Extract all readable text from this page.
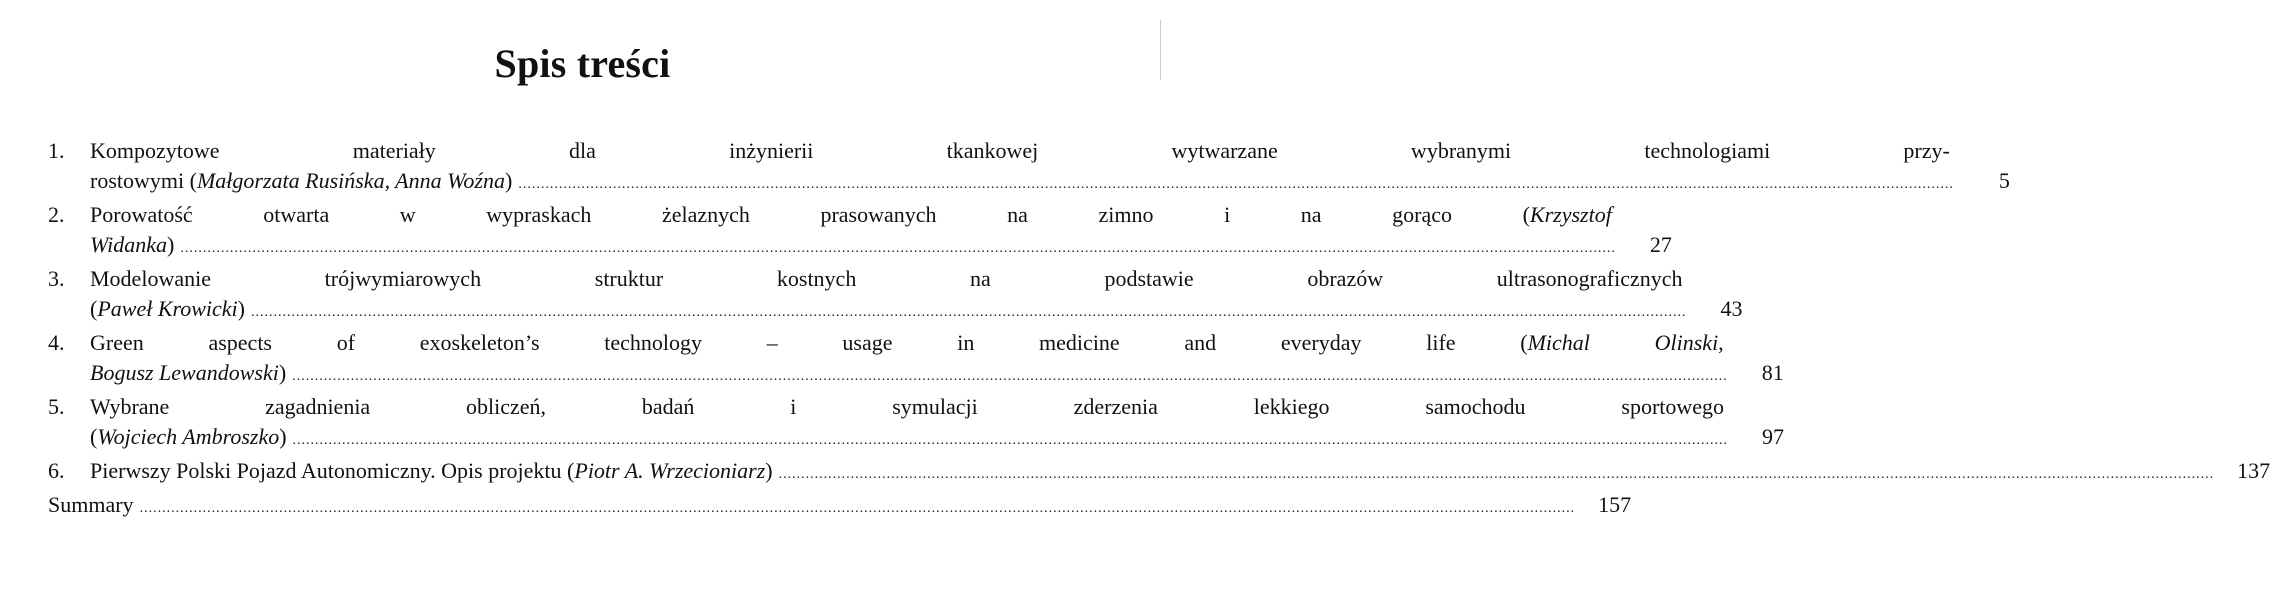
Spis treści
1.	Kompozytowe materiały dla inżynierii tkankowej wytwarzane wybranymi technologiami przy-
rostowymi (Małgorzata Rusińska, Anna Woźna) .....	5
2.	Porowatość otwarta w wypraskach żelaznych prasowanych na zimno i na gorąco (Krzysztof
Widanka) .....	27
3.	Modelowanie trójwymiarowych struktur kostnych na podstawie obrazów ultrasonograficznych
(Paweł Krowicki) .....	43
4.	Green aspects of exoskeleton’s technology – usage in medicine and everyday life (Michal Olinski,
Bogusz Lewandowski) .....	81
5.	Wybrane zagadnienia obliczeń, badań i symulacji zderzenia lekkiego samochodu sportowego
(Wojciech Ambroszko) .....	97
6.	Pierwszy Polski Pojazd Autonomiczny. Opis projektu (Piotr A. Wrzecioniarz) .....	137
Summary .....	157
